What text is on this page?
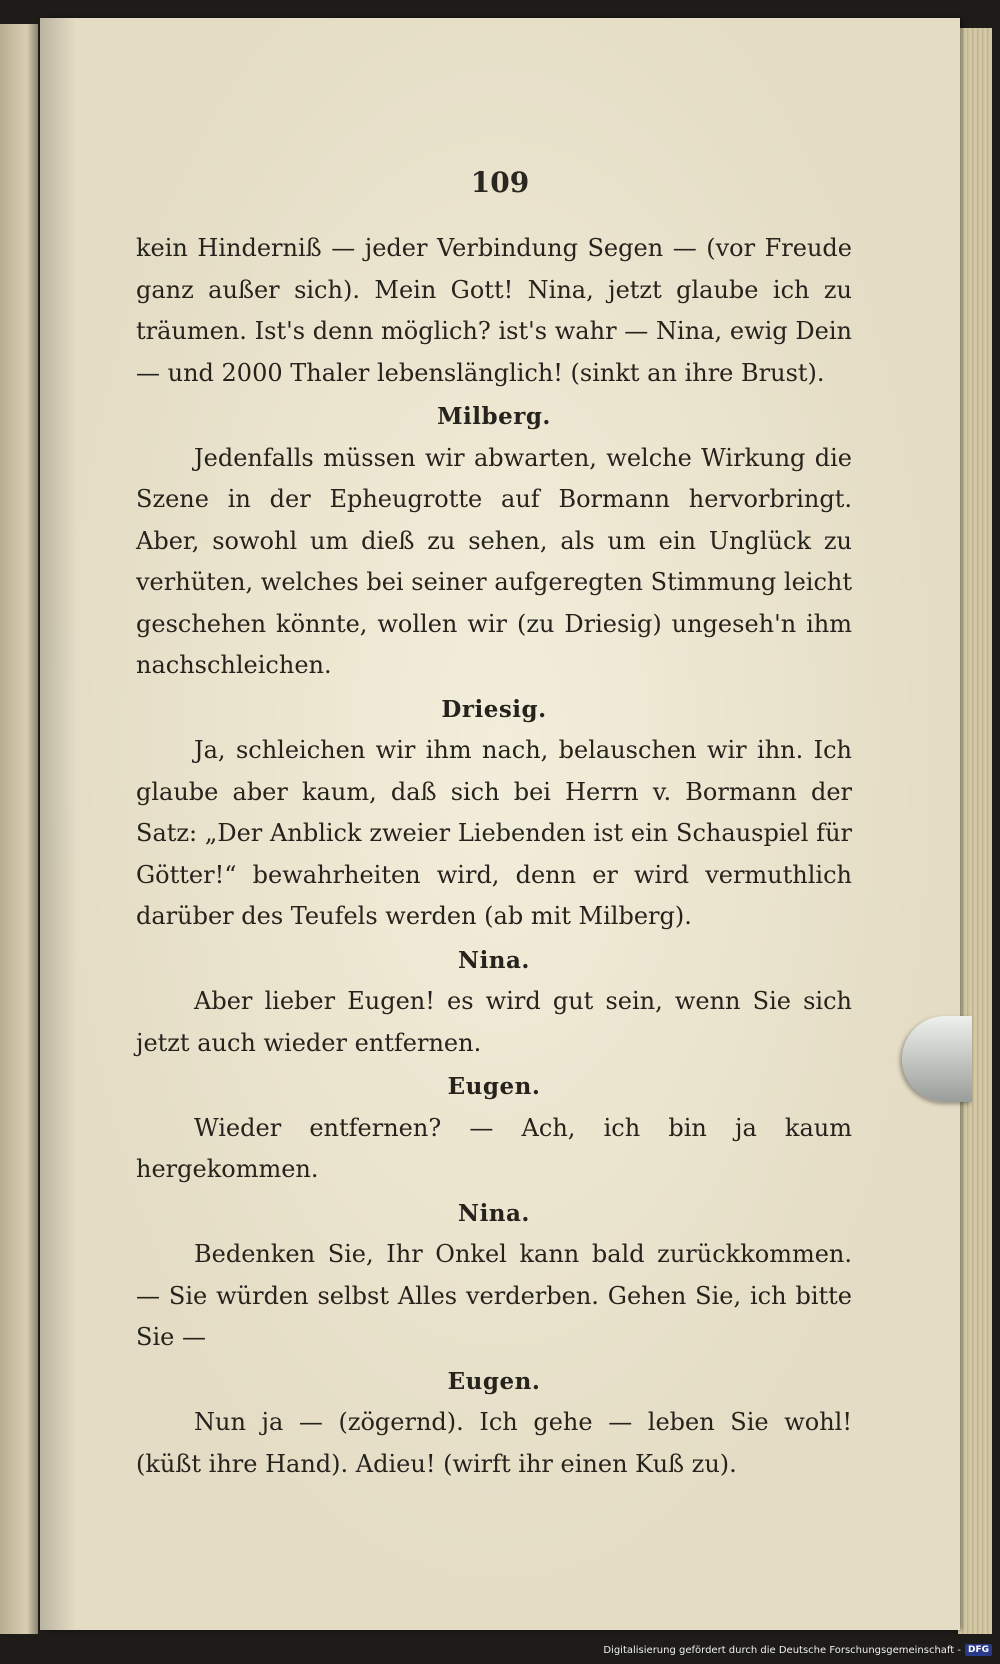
109

kein Hinderniß — jeder Verbindung Segen — (vor Freude ganz außer sich). Mein Gott! Nina, jetzt glaube ich zu träumen. Ist's denn möglich? ist's wahr — Nina, ewig Dein — und 2000 Thaler lebenslänglich! (sinkt an ihre Brust).

Milberg.

Jedenfalls müssen wir abwarten, welche Wirkung die Szene in der Epheugrotte auf Bormann hervorbringt. Aber, sowohl um dieß zu sehen, als um ein Unglück zu verhüten, welches bei seiner aufgeregten Stimmung leicht geschehen könnte, wollen wir (zu Driesig) ungeseh'n ihm nachschleichen.

Driesig.

Ja, schleichen wir ihm nach, belauschen wir ihn. Ich glaube aber kaum, daß sich bei Herrn v. Bormann der Satz: „Der Anblick zweier Liebenden ist ein Schauspiel für Götter!“ bewahrheiten wird, denn er wird vermuthlich darüber des Teufels werden (ab mit Milberg).

Nina.

Aber lieber Eugen! es wird gut sein, wenn Sie sich jetzt auch wieder entfernen.

Eugen.

Wieder entfernen? — Ach, ich bin ja kaum hergekommen.

Nina.

Bedenken Sie, Ihr Onkel kann bald zurückkommen. — Sie würden selbst Alles verderben. Gehen Sie, ich bitte Sie —

Eugen.

Nun ja — (zögernd). Ich gehe — leben Sie wohl! (küßt ihre Hand). Adieu! (wirft ihr einen Kuß zu).

Digitalisierung gefördert durch die Deutsche Forschungsgemeinschaft - DFG
